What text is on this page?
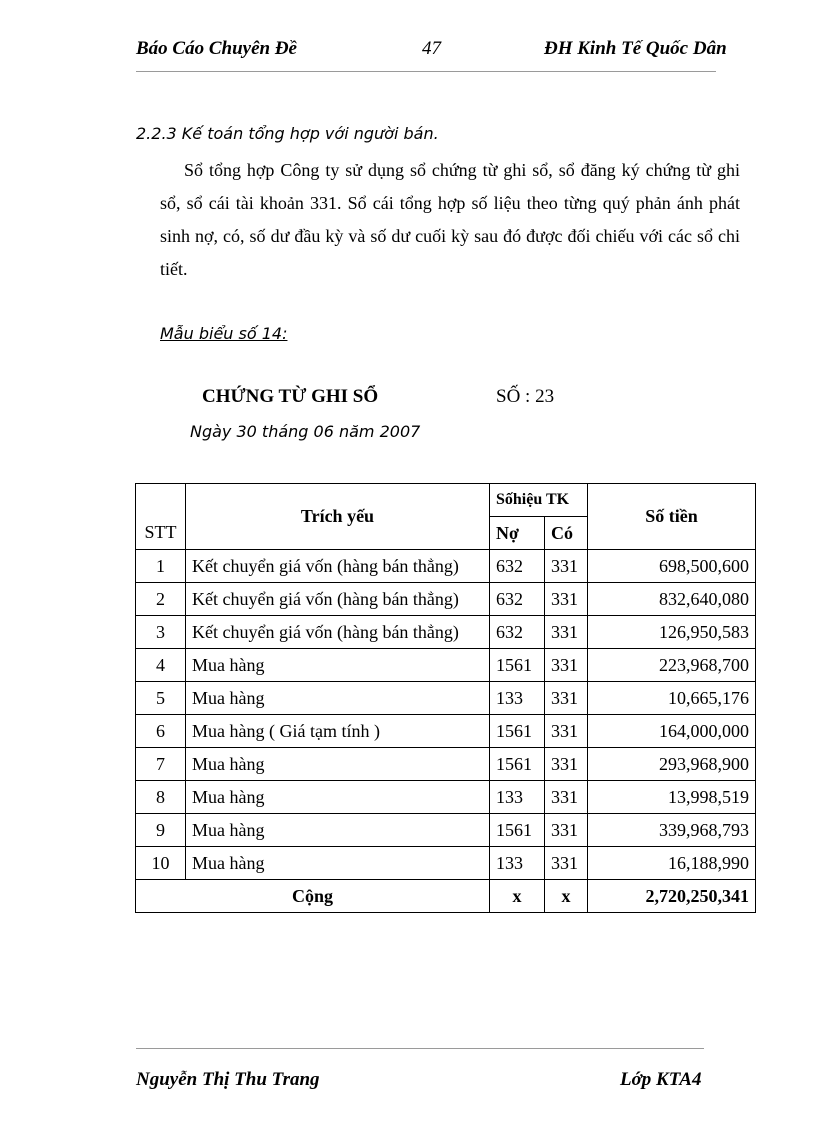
Báo Cáo Chuyên Đề	47	ĐH Kinh Tế Quốc Dân
2.2.3 Kế toán tổng hợp với người bán.
Sổ tổng hợp Công ty sử dụng sổ chứng từ ghi sổ, sổ đăng ký chứng từ ghi sổ, sổ cái tài khoản 331. Sổ cái tổng hợp số liệu theo từng quý phản ánh phát sinh nợ, có, số dư đầu kỳ và số dư cuối kỳ sau đó được đối chiếu với các sổ chi tiết.
Mẫu biểu số 14:
CHỨNG TỪ GHI SỔ	SỐ : 23
Ngày 30 tháng 06 năm 2007
STT	Trích yếu	Sốhiệu TK		Số tiền
		Nợ	Có	
1	Kết chuyển giá vốn (hàng bán thẳng)	632	331	698,500,600
2	Kết chuyển giá vốn (hàng bán thẳng)	632	331	832,640,080
3	Kết chuyển giá vốn (hàng bán thẳng)	632	331	126,950,583
4	Mua hàng	1561	331	223,968,700
5	Mua hàng	133	331	10,665,176
6	Mua hàng ( Giá tạm tính )	1561	331	164,000,000
7	Mua hàng	1561	331	293,968,900
8	Mua hàng	133	331	13,998,519
9	Mua hàng	1561	331	339,968,793
10	Mua hàng	133	331	16,188,990
Cộng		x	x	2,720,250,341
Nguyễn Thị Thu Trang	Lớp KTA4
